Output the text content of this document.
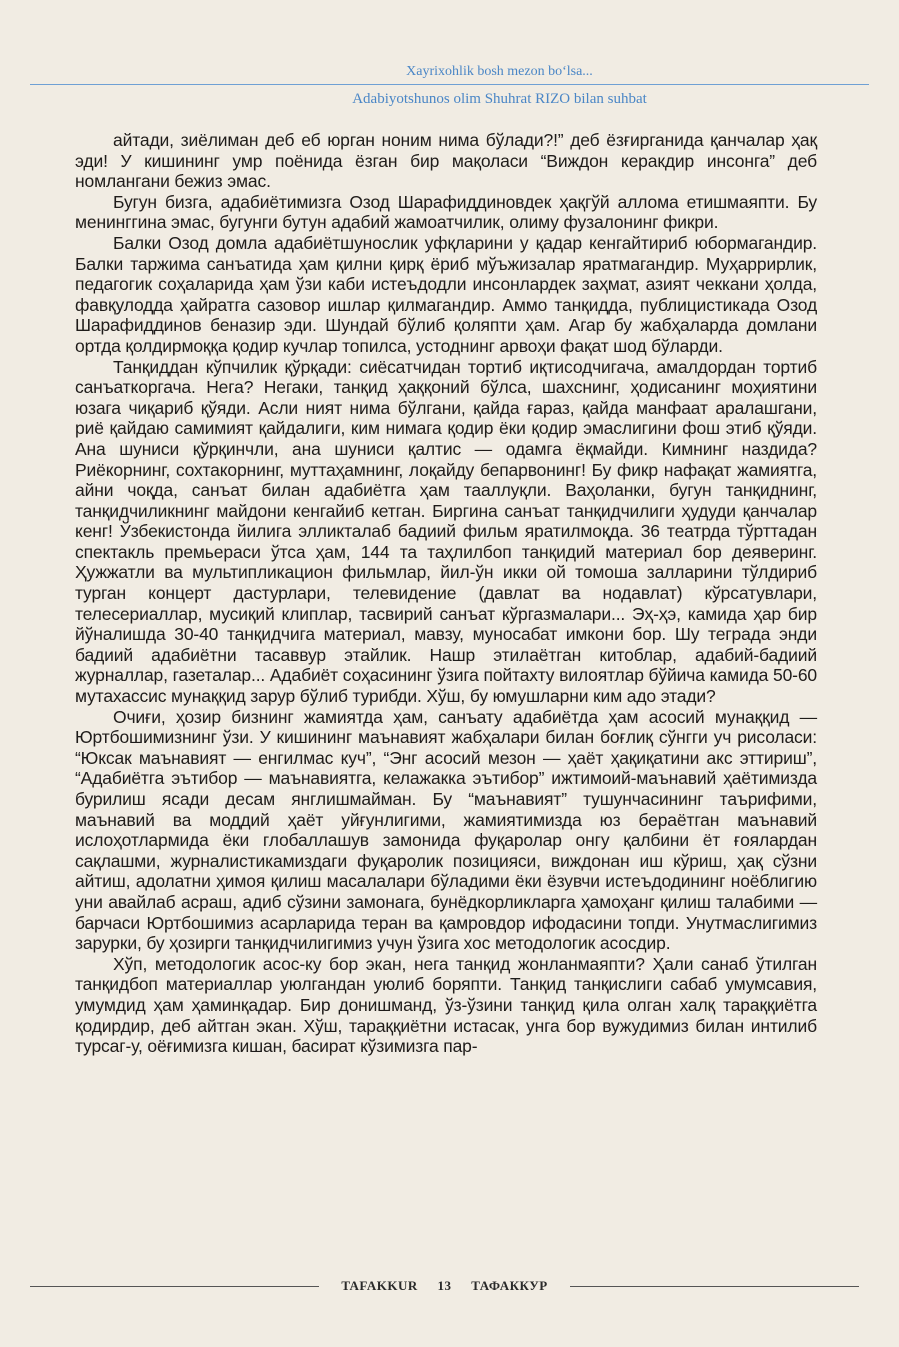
Xayrixohlik bosh mezon boʻlsa...
Adabiyotshunos olim Shuhrat RIZO bilan suhbat

айтади, зиёлиман деб еб юрган ноним нима бўлади?!” деб ёзғирганида қанчалар ҳақ эди! У кишининг умр поёнида ёзган бир мақоласи “Виждон керакдир инсонга” деб номлангани бежиз эмас.

Бугун бизга, адабиётимизга Озод Шарафиддиновдек ҳақгўй аллома етишмаяпти. Бу менинггина эмас, бугунги бутун адабий жамоатчилик, олиму фузалонинг фикри.

Балки Озод домла адабиётшунослик уфқларини у қадар кенгайтириб юбормагандир. Балки таржима санъатида ҳам қилни қирқ ёриб мўъжизалар яратмагандир. Муҳаррирлик, педагогик соҳаларида ҳам ўзи каби истеъдодли инсонлардек заҳмат, азият чеккани ҳолда, фавқулодда ҳайратга сазовор ишлар қилмагандир. Аммо танқидда, публицистикада Озод Шарафиддинов беназир эди. Шундай бўлиб қоляпти ҳам. Агар бу жабҳаларда домлани ортда қолдирмоққа қодир кучлар топилса, устоднинг арвоҳи фақат шод бўларди.

Танқиддан кўпчилик қўрқади: сиёсатчидан тортиб иқтисодчигача, амалдордан тортиб санъаткоргача. Нега? Негаки, танқид ҳаққоний бўлса, шахснинг, ҳодисанинг моҳиятини юзага чиқариб қўяди. Асли ният нима бўлгани, қайда ғараз, қайда манфаат аралашгани, риё қайдаю самимият қайдалиги, ким нимага қодир ёки қодир эмаслигини фош этиб қўяди. Ана шуниси қўрқинчли, ана шуниси қалтис — одамга ёқмайди. Кимнинг наздида? Риёкорнинг, сохтакорнинг, муттаҳамнинг, лоқайду бепарвонинг! Бу фикр нафақат жамиятга, айни чоқда, санъат билан адабиётга ҳам тааллуқли. Ваҳоланки, бугун танқиднинг, танқидчиликнинг майдони кенгайиб кетган. Биргина санъат танқидчилиги ҳудуди қанчалар кенг! Ўзбекистонда йилига элликталаб бадиий фильм яратилмоқда. 36 театрда тўрттадан спектакль премьераси ўтса ҳам, 144 та таҳлилбоп танқидий материал бор деяверинг. Ҳужжатли ва мультипликацион фильмлар, йил-ўн икки ой томоша залларини тўлдириб турган концерт дастурлари, телевидение (давлат ва нодавлат) кўрсатувлари, телесериаллар, мусиқий клиплар, тасвирий санъат кўргазмалари... Эҳ-ҳэ, камида ҳар бир йўналишда 30-40 танқидчига материал, мавзу, муносабат имкони бор. Шу теграда энди бадиий адабиётни тасаввур этайлик. Нашр этилаётган китоблар, адабий-бадиий журналлар, газеталар... Адабиёт соҳасининг ўзига пойтахту вилоятлар бўйича камида 50-60 мутахассис мунаққид зарур бўлиб турибди. Хўш, бу юмушларни ким адо этади?

Очиғи, ҳозир бизнинг жамиятда ҳам, санъату адабиётда ҳам асосий мунаққид — Юртбошимизнинг ўзи. У кишининг маънавият жабҳалари билан боғлиқ сўнгги уч рисоласи: “Юксак маънавият — енгилмас куч”, “Энг асосий мезон — ҳаёт ҳақиқатини акс эттириш”, “Адабиётга эътибор — маънавиятга, келажакка эътибор” ижтимоий-маънавий ҳаётимизда бурилиш ясади десам янглишмайман. Бу “маънавият” тушунчасининг таърифими, маънавий ва моддий ҳаёт уйғунлигими, жамиятимизда юз бераётган маънавий ислоҳотлармида ёки глобаллашув замонида фуқаролар онгу қалбини ёт ғоялардан сақлашми, журналистикамиздаги фуқаролик позицияси, виждонан иш кўриш, ҳақ сўзни айтиш, адолатни ҳимоя қилиш масалалари бўладими ёки ёзувчи истеъдодининг ноёблигию уни авайлаб асраш, адиб сўзини замонага, бунёдкорликларга ҳамоҳанг қилиш талабими — барчаси Юртбошимиз асарларида теран ва қамровдор ифодасини топди. Унутмаслигимиз зарурки, бу ҳозирги танқидчилигимиз учун ўзига хос методологик асосдир.

Хўп, методологик асос-ку бор экан, нега танқид жонланмаяпти? Ҳали санаб ўтилган танқидбоп материаллар уюлгандан уюлиб боряпти. Танқид танқислиги сабаб умумсавия, умумдид ҳам ҳаминқадар. Бир донишманд, ўз-ўзини танқид қила олган халқ тараққиётга қодирдир, деб айтган экан. Хўш, тараққиётни истасак, унга бор вужудимиз билан интилиб турсаг-у, оёғимизга кишан, басират кўзимизга пар-

TAFAKKUR 13 ТАФАККУР
